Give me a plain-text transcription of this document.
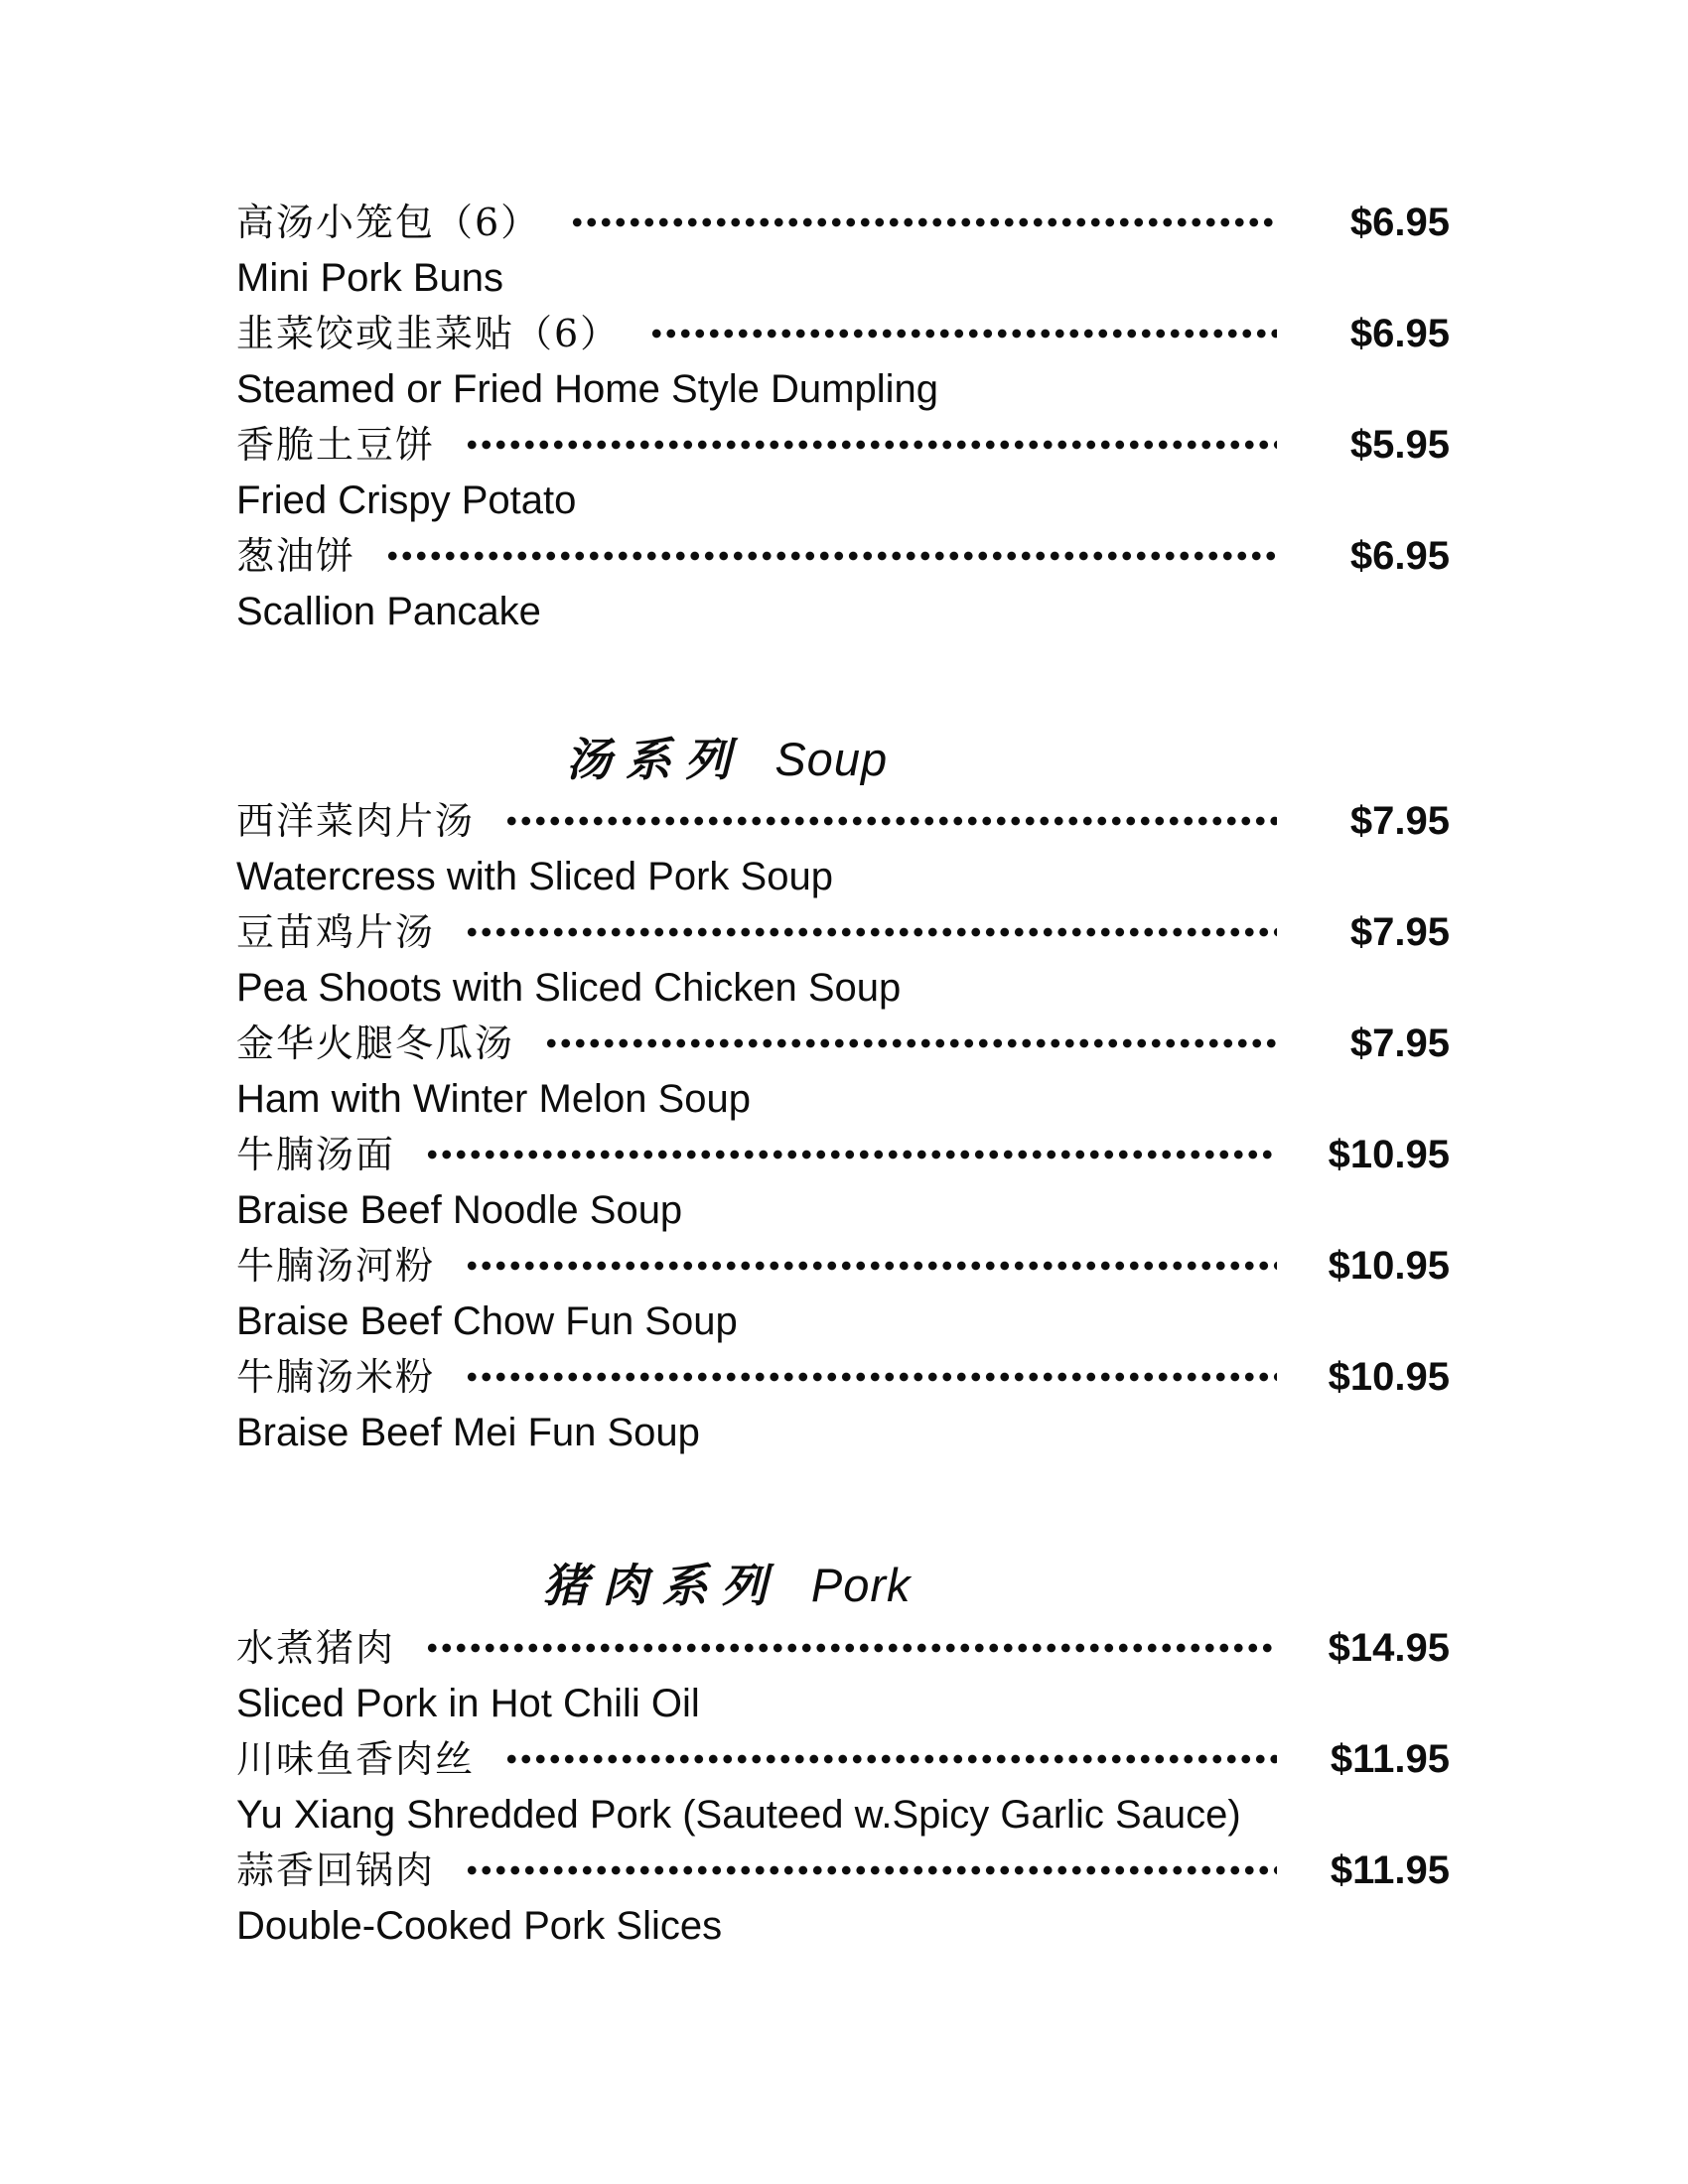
高汤小笼包（6）	$6.95
Mini Pork Buns
韭菜饺或韭菜贴（6）	$6.95
Steamed or Fried Home Style Dumpling
香脆土豆饼	$5.95
Fried Crispy Potato
葱油饼	$6.95
Scallion Pancake
汤系列 Soup
西洋菜肉片汤	$7.95
Watercress with Sliced Pork Soup
豆苗鸡片汤	$7.95
Pea Shoots with Sliced Chicken Soup
金华火腿冬瓜汤	$7.95
Ham with Winter Melon Soup
牛腩汤面	$10.95
Braise Beef Noodle Soup
牛腩汤河粉	$10.95
Braise Beef Chow Fun Soup
牛腩汤米粉	$10.95
Braise Beef Mei Fun Soup
猪肉系列 Pork
水煮猪肉	$14.95
Sliced Pork in Hot Chili Oil
川味鱼香肉丝	$11.95
Yu Xiang Shredded Pork (Sauteed w.Spicy Garlic Sauce)
蒜香回锅肉	$11.95
Double-Cooked Pork Slices
